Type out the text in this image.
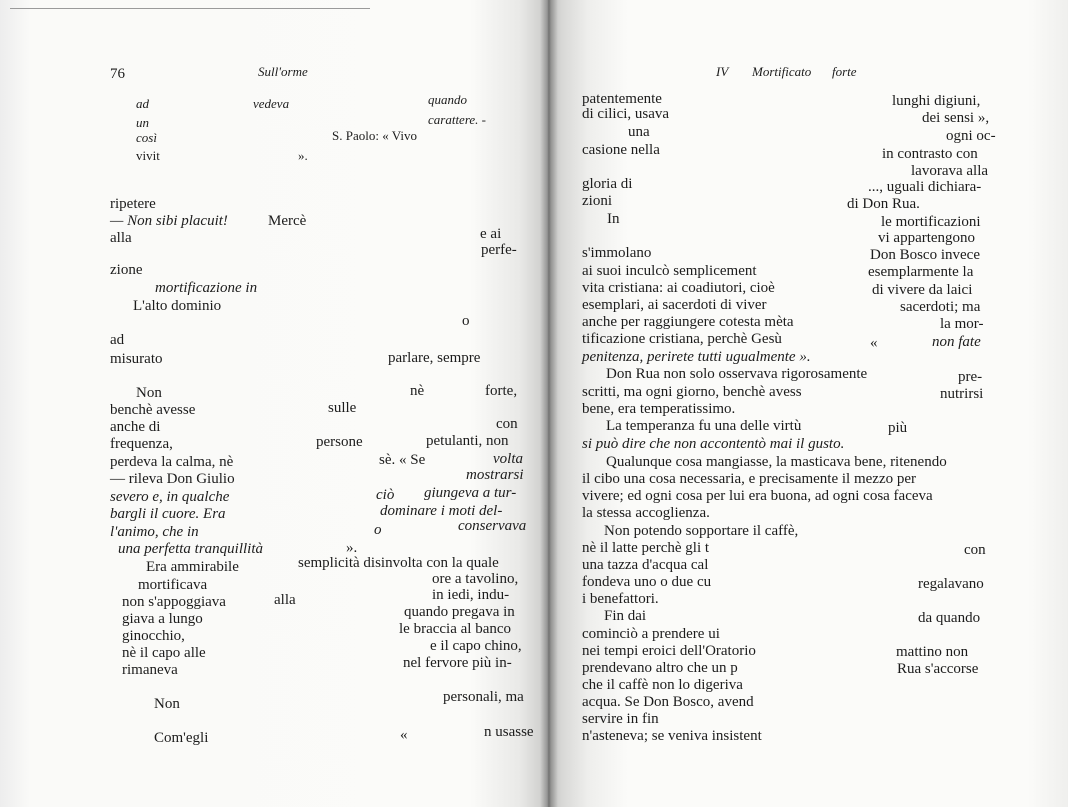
76	Sull'orme
ad	vedeva	quando
un	carattere. -
così	S. Paolo: « Vivo
vivit	».
ripetere
— Non sibi placuit!	Mercè
alla	e ai
perfe-
zione
mortificazione in
L'alto dominio
o
ad
misurato	parlare, sempre
Non	nè	forte,
benchè avesse	sulle
anche di	con
frequenza,	persone	petulanti, non
perdeva la calma, nè	sè. « Se	volta
— rileva Don Giulio	mostrarsi
severo e, in qualche	ciò giungeva a tur-
bargli il cuore. Era	dominare i moti del-
l'animo, che in	o	conservava
una perfetta tranquillità	».
Era ammirabile	semplicità disinvolta con la quale
mortificava	ore a tavolino,
non s'appoggiava	alla	in iedi, indu-
giava a lungo	quando pregava in
ginocchio,	le braccia al banco
nè il capo alle	e il capo chino,
rimaneva	nel fervore più in-
Non	personali, ma
Com'egli	«	n usasse
IV Mortificato forte
patentemente	lunghi digiuni,
di cilici, usava	dei sensi »,
una	ogni oc-
casione nella	in contrasto con
lavorava alla
gloria di	..., uguali dichiara-
zioni	di Don Rua.
In	le mortificazioni
vi appartengono
s'immolano	Don Bosco invece
ai suoi inculcò semplicement	esemplarmente la
vita cristiana: ai coadiutori, cioè	di vivere da laici
esemplari, ai sacerdoti di viver	sacerdoti; ma
anche per raggiungere cotesta mèta	la mor-
tificazione cristiana, perchè Gesù	«	non fate
penitenza, perirete tutti ugualmente ».
Don Rua non solo osservava rigorosamente	pre-
scritti, ma ogni giorno, benchè avess	nutrirsi
bene, era temperatissimo.
La temperanza fu una delle virtù	più
si può dire che non accontentò mai il gusto.
Qualunque cosa mangiasse, la masticava bene, ritenendo
il cibo una cosa necessaria, e precisamente il mezzo per
vivere; ed ogni cosa per lui era buona, ad ogni cosa faceva
la stessa accoglienza.
Non potendo sopportare il caffè,
nè il latte perchè gli t	con
una tazza d'acqua cal
fondeva uno o due cu	regalavano
i benefattori.
Fin dai	da quando
cominciò a prendere ui
nei tempi eroici dell'Oratorio	mattino non
prendevano altro che un p	Rua s'accorse
che il caffè non lo digeriva
acqua. Se Don Bosco, avend
servire in fin
n'asteneva; se veniva insistent
